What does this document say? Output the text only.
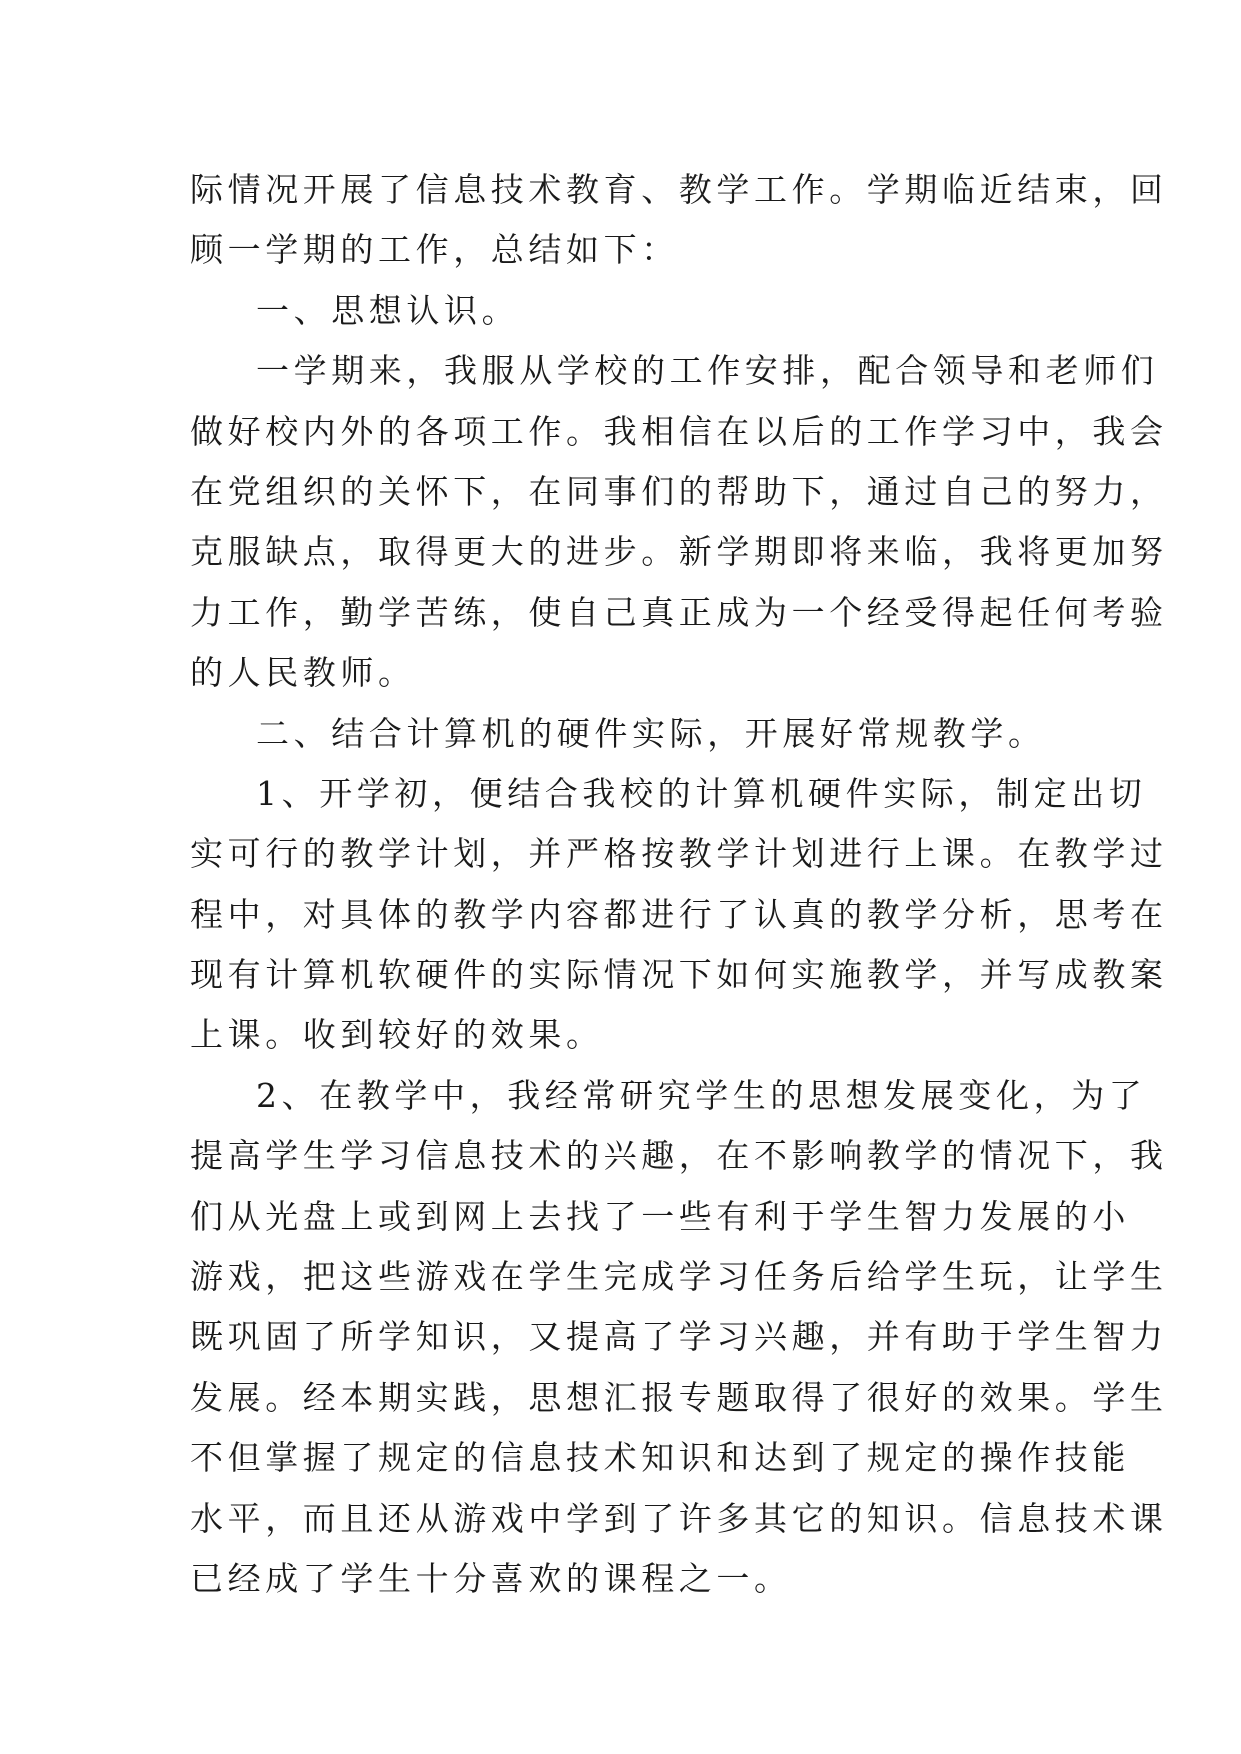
际情况开展了信息技术教育、教学工作。学期临近结束，回
顾一学期的工作，总结如下：
一、思想认识。
一学期来，我服从学校的工作安排，配合领导和老师们
做好校内外的各项工作。我相信在以后的工作学习中，我会
在党组织的关怀下，在同事们的帮助下，通过自己的努力，
克服缺点，取得更大的进步。新学期即将来临，我将更加努
力工作，勤学苦练，使自己真正成为一个经受得起任何考验
的人民教师。
二、结合计算机的硬件实际，开展好常规教学。
1、开学初，便结合我校的计算机硬件实际，制定出切
实可行的教学计划，并严格按教学计划进行上课。在教学过
程中，对具体的教学内容都进行了认真的教学分析，思考在
现有计算机软硬件的实际情况下如何实施教学，并写成教案
上课。收到较好的效果。
2、在教学中，我经常研究学生的思想发展变化，为了
提高学生学习信息技术的兴趣，在不影响教学的情况下，我
们从光盘上或到网上去找了一些有利于学生智力发展的小
游戏，把这些游戏在学生完成学习任务后给学生玩，让学生
既巩固了所学知识，又提高了学习兴趣，并有助于学生智力
发展。经本期实践，思想汇报专题取得了很好的效果。学生
不但掌握了规定的信息技术知识和达到了规定的操作技能
水平，而且还从游戏中学到了许多其它的知识。信息技术课
已经成了学生十分喜欢的课程之一。
